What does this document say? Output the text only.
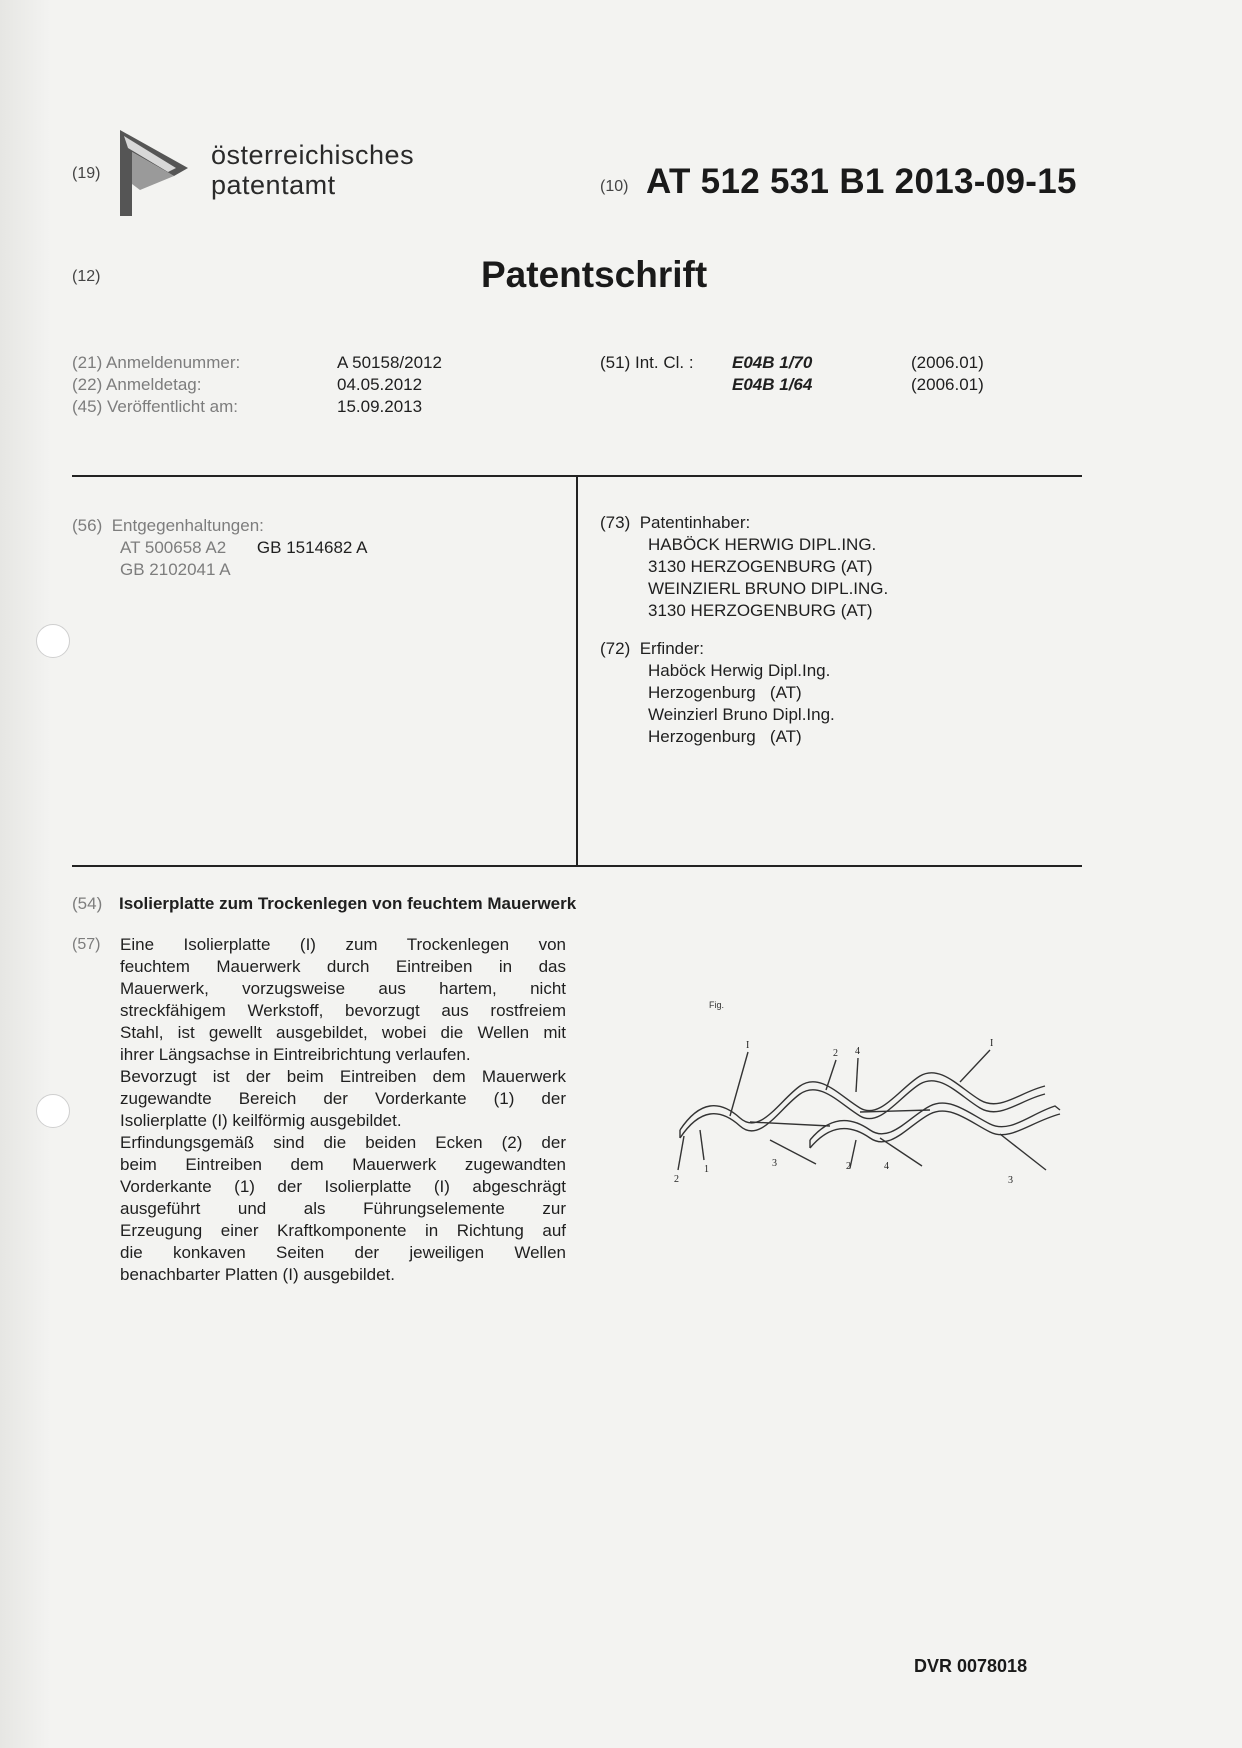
(19)
österreichisches
patentamt	(10) AT 512 531 B1 2013-09-15
(12)	Patentschrift
(21) Anmeldenummer:	A 50158/2012
(22) Anmeldetag:	04.05.2012
(45) Veröffentlicht am:	15.09.2013
(51) Int. Cl. : E04B 1/70	(2006.01)
E04B 1/64	(2006.01)
(56) Entgegenhaltungen:
AT 500658 A2 GB 1514682 A
GB 2102041 A
(73) Patentinhaber:
HABÖCK HERWIG DIPL.ING.
3130 HERZOGENBURG (AT)
WEINZIERL BRUNO DIPL.ING.
3130 HERZOGENBURG (AT)
(72) Erfinder:
Haböck Herwig Dipl.Ing.
Herzogenburg   (AT)
Weinzierl Bruno Dipl.Ing.
Herzogenburg   (AT)
(54) Isolierplatte zum Trockenlegen von feuchtem Mauerwerk
(57) Eine Isolierplatte (I) zum Trockenlegen von

feuchtem Mauerwerk durch Eintreiben in das

Mauerwerk, vorzugsweise aus hartem, nicht

streckfähigem Werkstoff, bevorzugt aus rostfreiem

Stahl, ist gewellt ausgebildet, wobei die Wellen mit

ihrer Längsachse in Eintreibrichtung verlaufen.

Bevorzugt ist der beim Eintreiben dem Mauerwerk

zugewandte Bereich der Vorderkante (1) der

Isolierplatte (I) keilförmig ausgebildet.

Erfindungsgemäß sind die beiden Ecken (2) der

beim Eintreiben dem Mauerwerk zugewandten

Vorderkante (1) der Isolierplatte (I) abgeschrägt

ausgeführt und als Führungselemente zur

Erzeugung einer Kraftkomponente in Richtung auf

die konkaven Seiten der jeweiligen Wellen

benachbarter Platten (I) ausgebildet.

Fig.
I
2 4
I
2
1
3	2	4
3
DVR 0078018
